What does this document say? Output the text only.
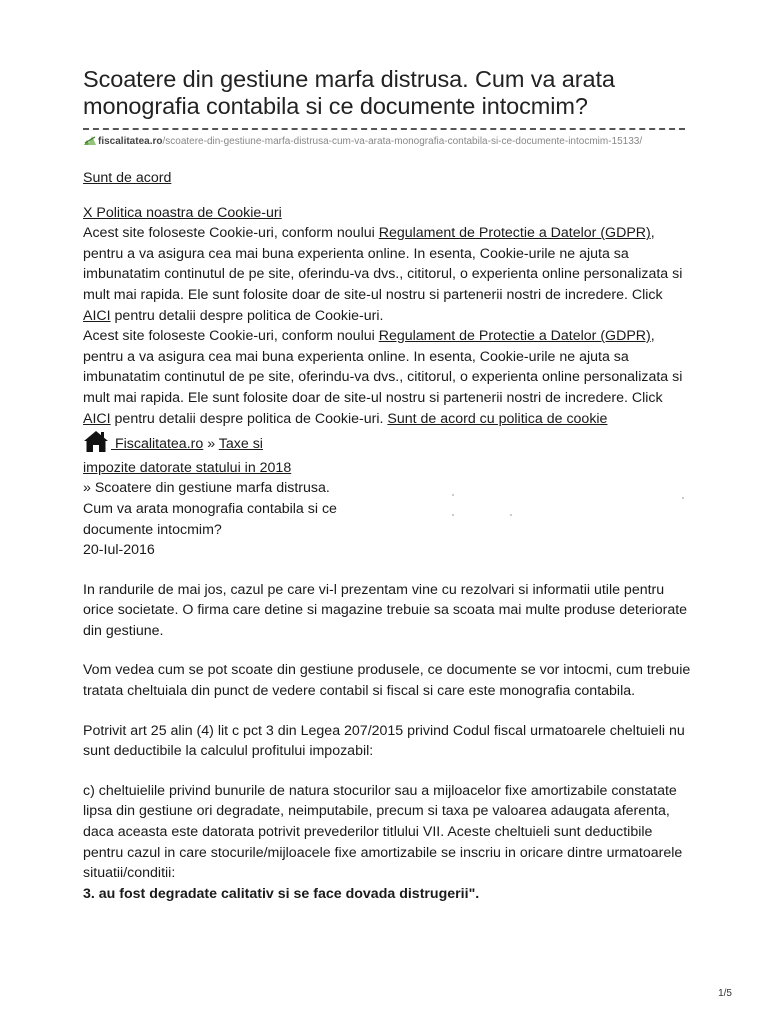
Scoatere din gestiune marfa distrusa. Cum va arata monografia contabila si ce documente intocmim?
fiscalitatea.ro/scoatere-din-gestiune-marfa-distrusa-cum-va-arata-monografia-contabila-si-ce-documente-intocmim-15133/

Sunt de acord

X Politica noastra de Cookie-uri

Acest site foloseste Cookie-uri, conform noului Regulament de Protectie a Datelor (GDPR), pentru a va asigura cea mai buna experienta online. In esenta, Cookie-urile ne ajuta sa imbunatatim continutul de pe site, oferindu-va dvs., cititorul, o experienta online personalizata si mult mai rapida. Ele sunt folosite doar de site-ul nostru si partenerii nostri de incredere. Click AICI pentru detalii despre politica de Cookie-uri.

Acest site foloseste Cookie-uri, conform noului Regulament de Protectie a Datelor (GDPR), pentru a va asigura cea mai buna experienta online. In esenta, Cookie-urile ne ajuta sa imbunatatim continutul de pe site, oferindu-va dvs., cititorul, o experienta online personalizata si mult mai rapida. Ele sunt folosite doar de site-ul nostru si partenerii nostri de incredere. Click AICI pentru detalii despre politica de Cookie-uri. Sunt de acord cu politica de cookie

Fiscalitatea.ro » Taxe si

impozite datorate statului in 2018

» Scoatere din gestiune marfa distrusa. Cum va arata monografia contabila si ce documente intocmim?

20-Iul-2016

In randurile de mai jos, cazul pe care vi-l prezentam vine cu rezolvari si informatii utile pentru orice societate. O firma care detine si magazine trebuie sa scoata mai multe produse deteriorate din gestiune.

Vom vedea cum se pot scoate din gestiune produsele, ce documente se vor intocmi, cum trebuie tratata cheltuiala din punct de vedere contabil si fiscal si care este monografia contabila.

Potrivit art 25 alin (4) lit c pct 3 din Legea 207/2015 privind Codul fiscal urmatoarele cheltuieli nu sunt deductibile la calculul profitului impozabil:

c) cheltuielile privind bunurile de natura stocurilor sau a mijloacelor fixe amortizabile constatate lipsa din gestiune ori degradate, neimputabile, precum si taxa pe valoarea adaugata aferenta, daca aceasta este datorata potrivit prevederilor titlului VII. Aceste cheltuieli sunt deductibile pentru cazul in care stocurile/mijloacele fixe amortizabile se inscriu in oricare dintre urmatoarele situatii/conditii:

3. au fost degradate calitativ si se face dovada distrugerii".

1/5
